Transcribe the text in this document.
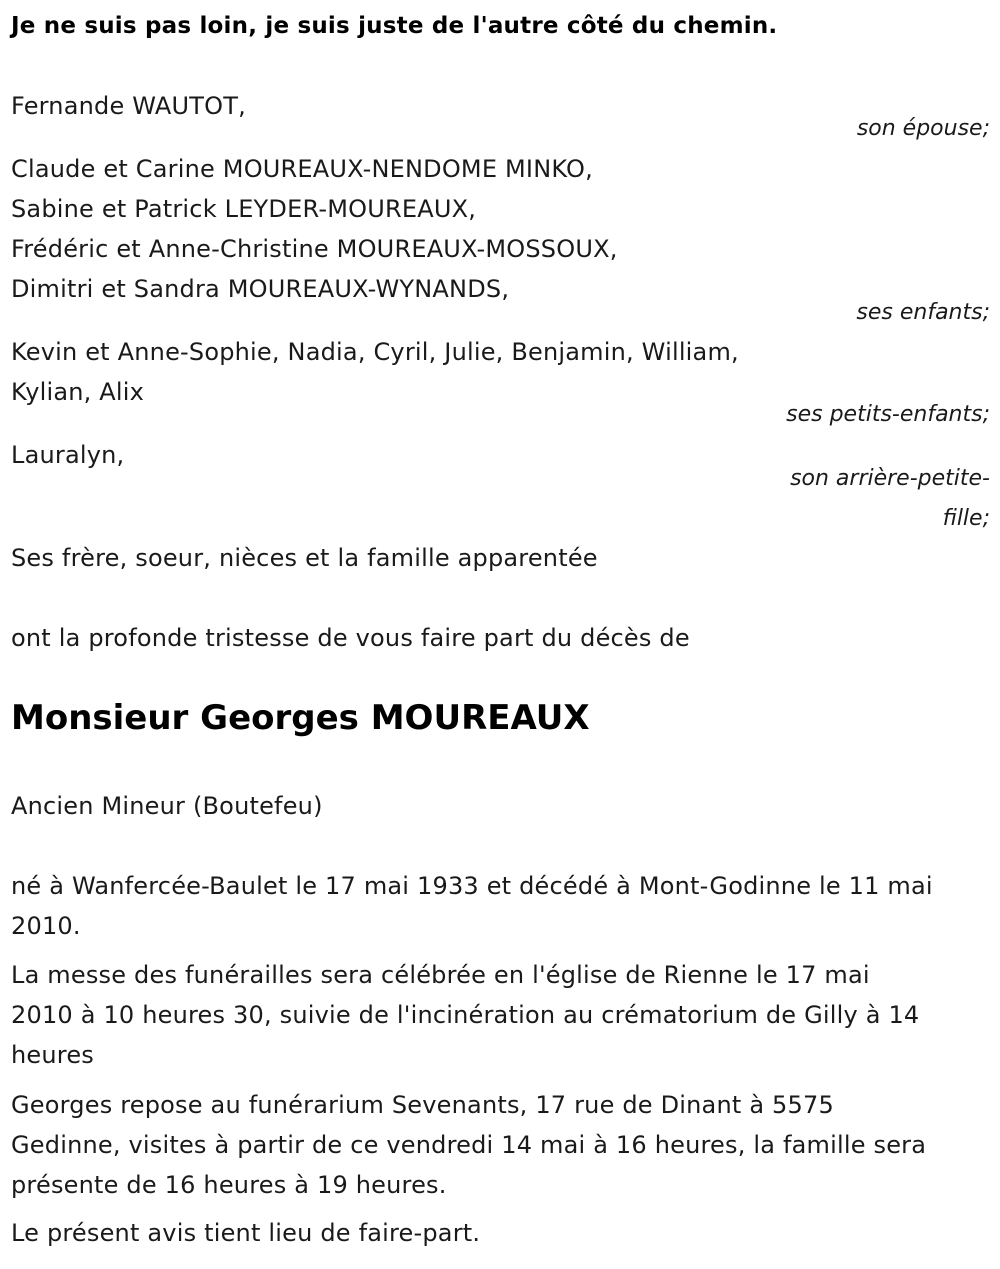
Je ne suis pas loin, je suis juste de l'autre côté du chemin.

Fernande WAUTOT,

son épouse;

Claude et Carine MOUREAUX-NENDOME MINKO,

Sabine et Patrick LEYDER-MOUREAUX,

Frédéric et Anne-Christine MOUREAUX-MOSSOUX,

Dimitri et Sandra MOUREAUX-WYNANDS,

ses enfants;

Kevin et Anne-Sophie, Nadia, Cyril, Julie, Benjamin, William,

Kylian, Alix

ses petits-enfants;

Lauralyn,

son arrière-petite-

fille;

Ses frère, soeur, nièces et la famille apparentée

ont la profonde tristesse de vous faire part du décès de

Monsieur Georges MOUREAUX

Ancien Mineur (Boutefeu)

né à Wanfercée-Baulet le 17 mai 1933 et décédé à Mont-Godinne le 11 mai

2010.

La messe des funérailles sera célébrée en l'église de Rienne le 17 mai

2010 à 10 heures 30, suivie de l'incinération au crématorium de Gilly à 14

heures

Georges repose au funérarium Sevenants, 17 rue de Dinant à 5575

Gedinne, visites à partir de ce vendredi 14 mai à 16 heures, la famille sera

présente de 16 heures à 19 heures.

Le présent avis tient lieu de faire-part.
